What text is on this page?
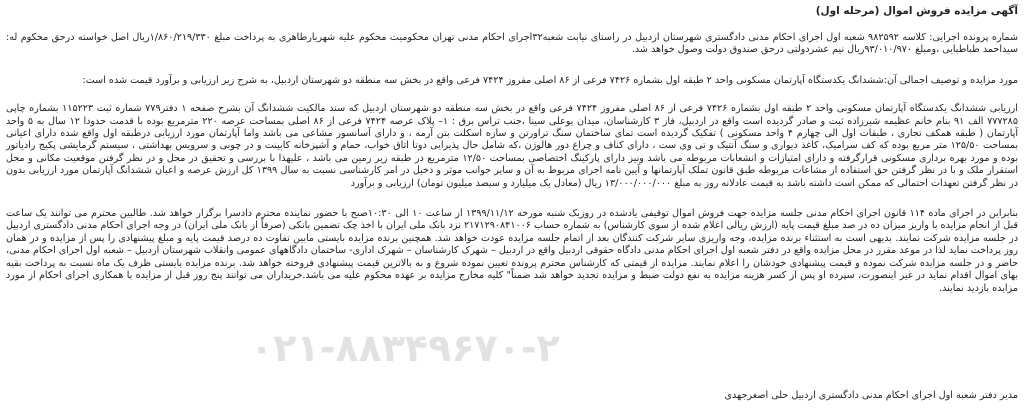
آگهی مزایده فروش اموال (مرحله اول)

شماره پرونده اجرایی: کلاسه ۹۸۲۵۹۲ شعبه اول اجرای احکام مدنی دادگستری شهرستان اردبیل در راستای نیابت شعبه۳۲اجرای احکام مدنی تهران محکومیت محکوم علیه شهریارطاهری به پرداخت مبلغ ۱/۸۶۰/۲۱۹/۳۳۰ریال اصل خواسته درحق محکوم له: سیداحمد طباطبایی ،ومبلغ ۹۳/۰۱۰/۹۷۰ریال نیم عشردولتی درحق صندوق دولت وصول خواهد شد.

مورد مزایده و توصیف اجمالی آن:ششدانگ یکدستگاه آپارتمان مسکونی واحد ۲ طبقه اول بشماره ۷۴۲۶ فرعی از ۸۶ اصلی مفروز ۷۴۲۴ فرعی واقع در بخش سه منطقه دو شهرستان اردبیل، به شرح زیر ارزیابی و برآورد قیمت شده است:

ارزیابی ششدانگ یکدستگاه آپارتمان مسکونی واحد ۲ طبقه اول بشماره ۷۴۲۶ فرعی از ۸۶ اصلی مفروز ۷۴۲۴ فرعی واقع در بخش سه منطقه دو شهرستان اردبیل که سند مالکیت ششدانگ آن بشرح صفحه ۱ دفتر۷۷۹ شماره ثبت ۱۱۵۲۲۳ بشماره چاپی ۷۷۷۲۸۵ الف ۹۱ بنام خانم عظیمه شیرزاده ثبت و صادر گردیده است واقع در اردبیل، فاز ۳ کارشناسان، میدان یوعلی سینا ،جنب تراس برق : ۱– پلاک عرصه ۷۴۲۴ فرعی از ۸۶ اصلی بمساحت عرصه ۲۲۰ مترمربع بوده با قدمت حدودا ۱۲ سال به ۵ واحد آپارتمان ( طبقه همکف تجاری ، طبقات اول الی چهارم ۴ واحد مسکونی ) تفکیک گردیده است تمای ساختمان سنگ تراورتن و سازه اسکلت بتن آرمه ، و دارای آسانسور مشاعی می باشد واما آپارتمان مورد ارزیابی درطبقه اول واقع شده دارای اعیانی بمساحت ۱۲۵/۵۰ متر مربع بوده که کف سرامیک، کاغذ دیواری و سنگ آنتیک و تی وی ست ، دارای کناف و چراغ دور هالوژن ،که شامل حال پذیرایی دوتا اتاق خواب، حمام و آشپزخانه کابینت و در چوبی و سرویس بهداشتی ، سیستم گرمایشی پکیج رادیاتور بوده و مورد بهره برداری مسکونی قرارگرفته و دارای امتیازات و انشعابات مربوطه می باشد ونیز دارای پارکینگ اختصاصی بمساحت ۱۲/۵۰ مترمربع در طبقه زیر زمین می باشد ، علیهذا با بررسی و تحقیق در محل و در نظر گرفتن موقعیت مکانی و محل استقرار ملک و با در نظر گرفتن حق استفاده از مشاعات مربوطه طبق قانون تملک آپارتمانها و آیین نامه اجرای مربوط به آن و سایر جوانب موثر و دخیل در امر کارشناسی نسبت به سال ۱۳۹۹ کل ارزش عرصه و اعیان ششدانگ آپارتمان مورد ارزیابی بدون در نظر گرفتن تعهدات احتمالی که ممکن است داشته باشد به قیمت عادلانه روز به مبلغ ۱۳/۰۰۰/۰۰۰/۰۰۰ ریال (معادل یک میلیارد و سیصد میلیون تومان) ارزیابی و برآورد

بنابراین در اجرای ماده ۱۱۴ قانون اجرای احکام مدنی جلسه مزایده جهت فروش اموال توقیفی یادشده در روزیک شنبه مورخه ۱۳۹۹/۱۱/۱۲ از ساعت ۱۰ الی ۱۰:۳۰صبح با حضور نماینده محترم دادسرا برگزار خواهد شد. طالبین محترم می توانند یک ساعت قبل از انجام مزایده با واریز میزان ده در صد مبلغ قیمت پایه (ارزش ریالی اعلام شده از سوی کارشناس) به شماره حساب ۲۱۷۱۲۹۰۸۴۱۰۰۶ نزد بانک ملی ایران با اخذ چک تضمین بانکی (صرفاً از بانک ملی ایران) در وجه اجرای احکام مدنی دادگستری اردبیل در جلسه مزایده شرکت نمایند. بدیهی است به استثناء برنده مزایده، وجه واریزی سایر شرکت کنندگان بعد از اتمام جلسه مزایده عودت خواهد شد. همچنین برنده مزایده بایستی مابین تفاوت ده درصد قیمت پایه و مبلغ پیشنهادی را پس از مزایده و در همان روز پرداخت نماید لذا در موعد مقرر در محل مزایده واقع در دفتر شعبه اول اجرای احکام مدنی دادگاه حقوقی اردبیل واقع در اردبیل – شهرک کارشناسان – شهرک اداری- ساختمان دادگاههای عمومی وانقلاب شهرستان اردبیل – شعبه اول اجرای احکام مدنی، حاضر و در جلسه مزایده شرکت نموده و قیمت پیشنهادی خودشان را اعلام نمایند. مزایده از قیمتی که کارشناس محترم پرونده تعیین نموده شروع و به بالاترین قیمت پیشنهادی فروخته خواهد شد. برنده مزایده بایستی ظرف یک ماه نسبت به پرداخت بقیه بهای اموال اقدام نماید در غیر اینصورت، سپرده او پس از کسر هزینه مزایده به نفع دولت ضبط و مزایده تجدید خواهد شد ضمناً" کلیه مخارج مزایده بر عهده محکوم علیه می باشد.خریداران می توانند پنج روز قبل از مزایده با همکاری اجرای احکام از مورد مزایده بازدید نمایند.

۰۲۱-۸۸۳۴۹۶۷۰-۲
مدیر دفتر شعبه اول اجرای احکام مدنی دادگستری اردبیل حلی اصغرجهدی
